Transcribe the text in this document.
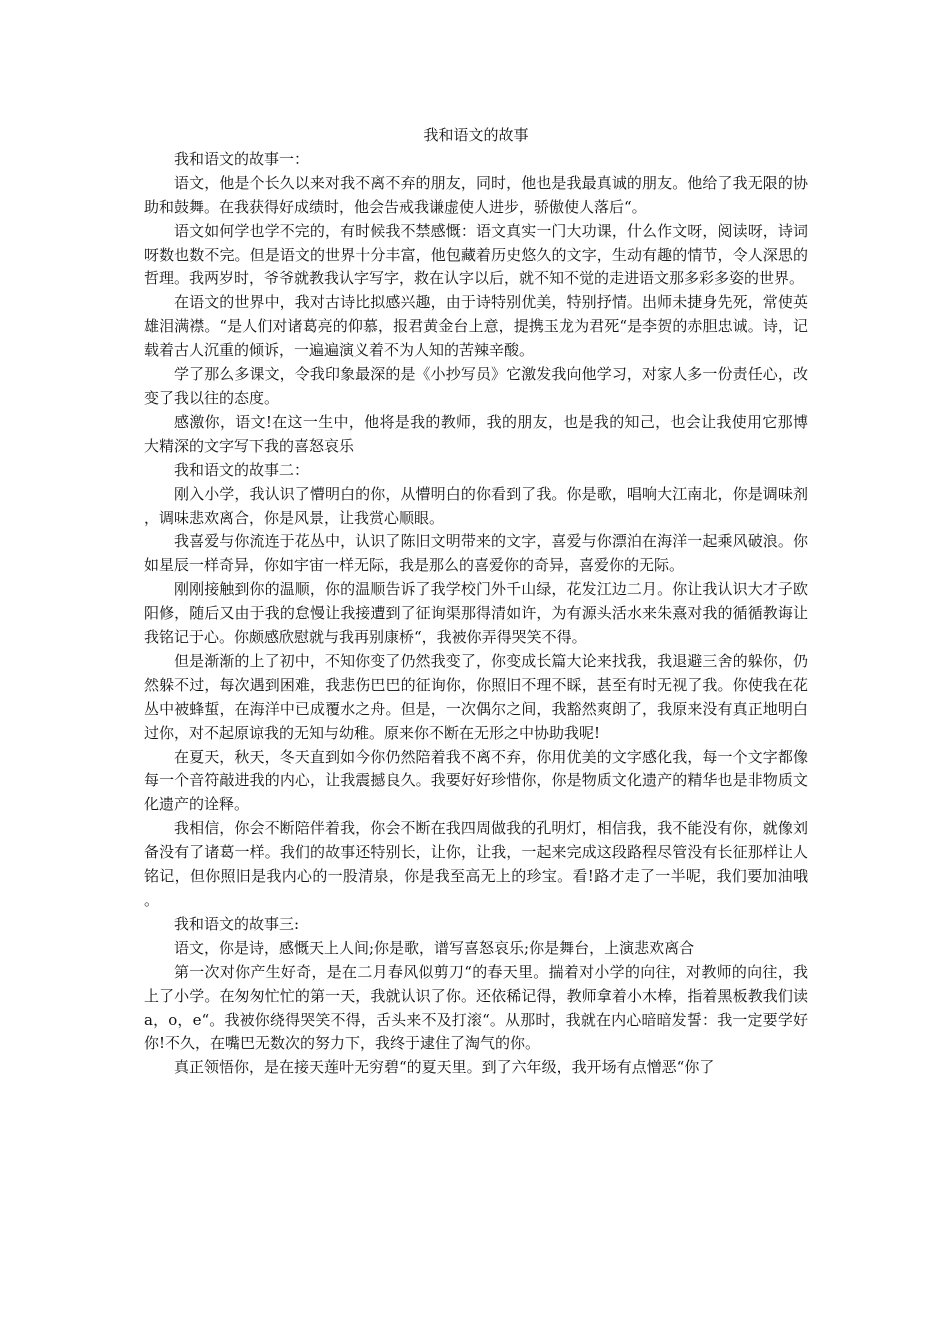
我和语文的故事

我和语文的故事一：

语文，他是个长久以来对我不离不弃的朋友，同时，他也是我最真诚的朋友。他给了我无限的协助和鼓舞。在我获得好成绩时，他会告戒我谦虚使人进步，骄傲使人落后“。

语文如何学也学不完的，有时候我不禁感慨：语文真实一门大功课，什么作文呀，阅读呀，诗词呀数也数不完。但是语文的世界十分丰富，他包藏着历史悠久的文字，生动有趣的情节，令人深思的哲理。我两岁时，爷爷就教我认字写字，救在认字以后，就不知不觉的走进语文那多彩多姿的世界。

在语文的世界中，我对古诗比拟感兴趣，由于诗特别优美，特别抒情。出师未捷身先死，常使英雄泪满襟。“是人们对诸葛亮的仰慕，报君黄金台上意，提携玉龙为君死“是李贺的赤胆忠诚。诗，记载着古人沉重的倾诉，一遍遍演义着不为人知的苦辣辛酸。

学了那么多课文，令我印象最深的是《小抄写员》它激发我向他学习，对家人多一份责任心，改变了我以往的态度。

感激你，语文!在这一生中，他将是我的教师，我的朋友，也是我的知己，也会让我使用它那博大精深的文字写下我的喜怒哀乐

我和语文的故事二：

刚入小学，我认识了懵明白的你，从懵明白的你看到了我。你是歌，唱响大江南北，你是调味剂，调味悲欢离合，你是风景，让我赏心顺眼。

我喜爱与你流连于花丛中，认识了陈旧文明带来的文字，喜爱与你漂泊在海洋一起乘风破浪。你如星辰一样奇异，你如宇宙一样无际，我是那么的喜爱你的奇异，喜爱你的无际。

刚刚接触到你的温顺，你的温顺告诉了我学校门外千山绿，花发江边二月。你让我认识大才子欧阳修，随后又由于我的怠慢让我接遭到了征询渠那得清如许，为有源头活水来朱熹对我的循循教诲让我铭记于心。你颇感欣慰就与我再别康桥“，我被你弄得哭笑不得。

但是渐渐的上了初中，不知你变了仍然我变了，你变成长篇大论来找我，我退避三舍的躲你，仍然躲不过，每次遇到困难，我悲伤巴巴的征询你，你照旧不理不睬，甚至有时无视了我。你使我在花丛中被蜂蜇，在海洋中已成覆水之舟。但是，一次偶尔之间，我豁然爽朗了，我原来没有真正地明白过你，对不起原谅我的无知与幼稚。原来你不断在无形之中协助我呢!

在夏天，秋天，冬天直到如今你仍然陪着我不离不弃，你用优美的文字感化我，每一个文字都像每一个音符敲进我的内心，让我震撼良久。我要好好珍惜你，你是物质文化遗产的精华也是非物质文化遗产的诠释。

我相信，你会不断陪伴着我，你会不断在我四周做我的孔明灯，相信我，我不能没有你，就像刘备没有了诸葛一样。我们的故事还特别长，让你，让我，一起来完成这段路程尽管没有长征那样让人铭记，但你照旧是我内心的一股清泉，你是我至高无上的珍宝。看!路才走了一半呢，我们要加油哦。

我和语文的故事三:

语文，你是诗，感慨天上人间;你是歌，谱写喜怒哀乐;你是舞台，上演悲欢离合

第一次对你产生好奇，是在二月春风似剪刀“的春天里。揣着对小学的向往，对教师的向往，我上了小学。在匆匆忙忙的第一天，我就认识了你。还依稀记得，教师拿着小木棒，指着黑板教我们读 a，o，e“。我被你绕得哭笑不得，舌头来不及打滚“。从那时，我就在内心暗暗发誓：我一定要学好你!不久，在嘴巴无数次的努力下，我终于逮住了淘气的你。

真正领悟你，是在接天莲叶无穷碧“的夏天里。到了六年级，我开场有点憎恶“你了
